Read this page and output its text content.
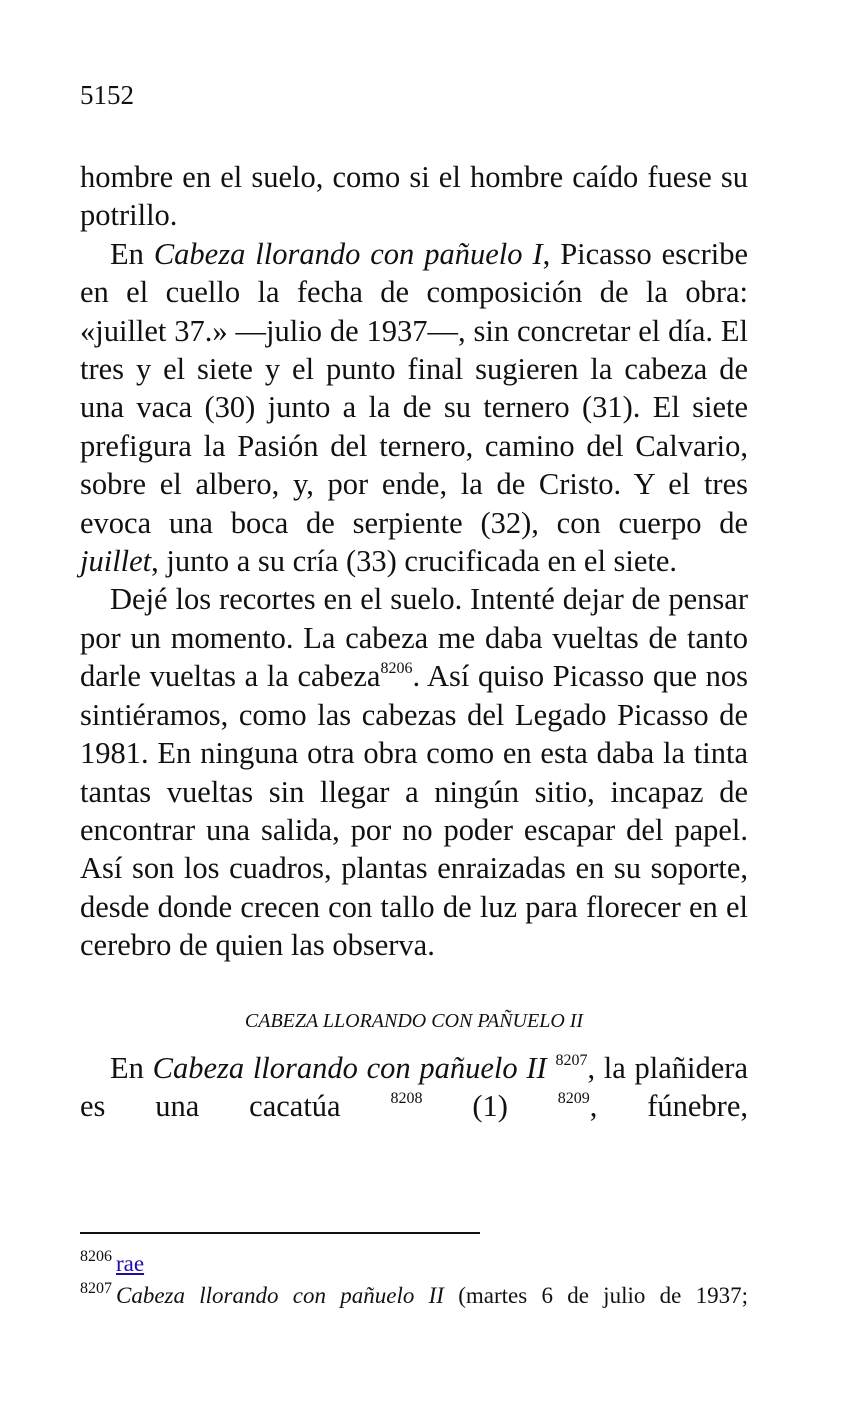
5152

hombre en el suelo, como si el hombre caído fuese su potrillo.

En Cabeza llorando con pañuelo I, Picasso escribe en el cuello la fecha de composición de la obra: «juillet 37.» —julio de 1937—, sin concretar el día. El tres y el siete y el punto final sugieren la cabeza de una vaca (30) junto a la de su ternero (31). El siete prefigura la Pasión del ternero, camino del Calvario, sobre el albero, y, por ende, la de Cristo. Y el tres evoca una boca de serpiente (32), con cuerpo de juillet, junto a su cría (33) crucificada en el siete.

Dejé los recortes en el suelo. Intenté dejar de pensar por un momento. La cabeza me daba vueltas de tanto darle vueltas a la cabeza$^{8206}$. Así quiso Picasso que nos sintiéramos, como las cabezas del Legado Picasso de 1981. En ninguna otra obra como en esta daba la tinta tantas vueltas sin llegar a ningún sitio, incapaz de encontrar una salida, por no poder escapar del papel. Así son los cuadros, plantas enraizadas en su soporte, desde donde crecen con tallo de luz para florecer en el cerebro de quien las observa.

CABEZA LLORANDO CON PAÑUELO II

En Cabeza llorando con pañuelo II $^{8207}$, la plañidera es una cacatúa $^{8208}$ (1) $^{8209}$, fúnebre,

$^{8206}$ rae

$^{8207}$ Cabeza llorando con pañuelo II (martes 6 de julio de 1937;
